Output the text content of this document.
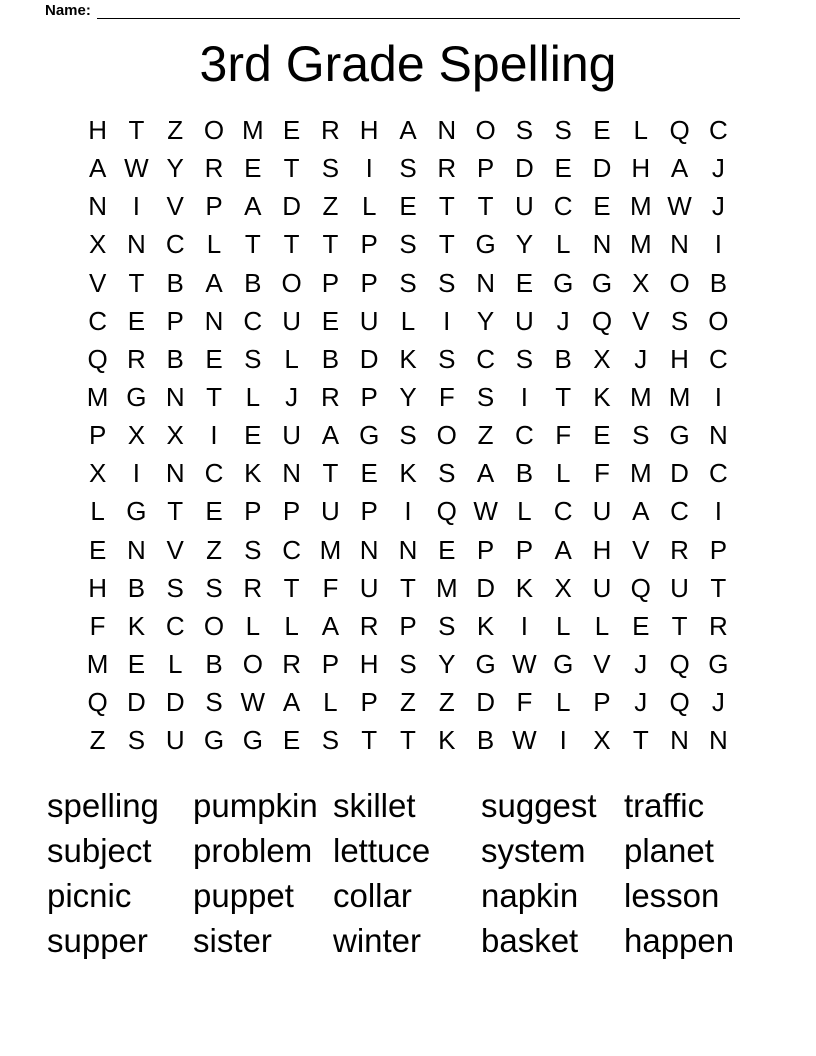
Name:
3rd Grade Spelling
H T Z O M E R H A N O S S E L Q C
A W Y R E T S	I	S R P D E D H A J
N I	V P A D Z L E T T U C E M W J
X N C L T T T P S T G Y L N M N I
V T B A B O P P S S N E G G X O B
C E P N C U E U L	I	Y U J Q V S O
Q R B E S L B D K S C S B X J H C
M G N T L J R P Y F S	I	T K M M I
P X X	I	E U A G S O Z C F E S G N
X	I N C K N T E K S A B L F M D C
L G T E P P U P	I Q W L C U A C I
E N V Z S C M N N E P P A H V R P
H B S S R T F U T M D K X U Q U T
F K C O L L A R P S K	I	L L E T R
M E L B O R P H S Y G W G V J Q G
Q D D S W A L P Z Z D F L P J Q J
Z S U G G E S T T K B W I	X T N N
spelling	pumpkin skillet	suggest traffic
subject	problem lettuce	system	planet
picnic	puppet	collar	napkin	lesson
supper	sister	winter	basket	happen
